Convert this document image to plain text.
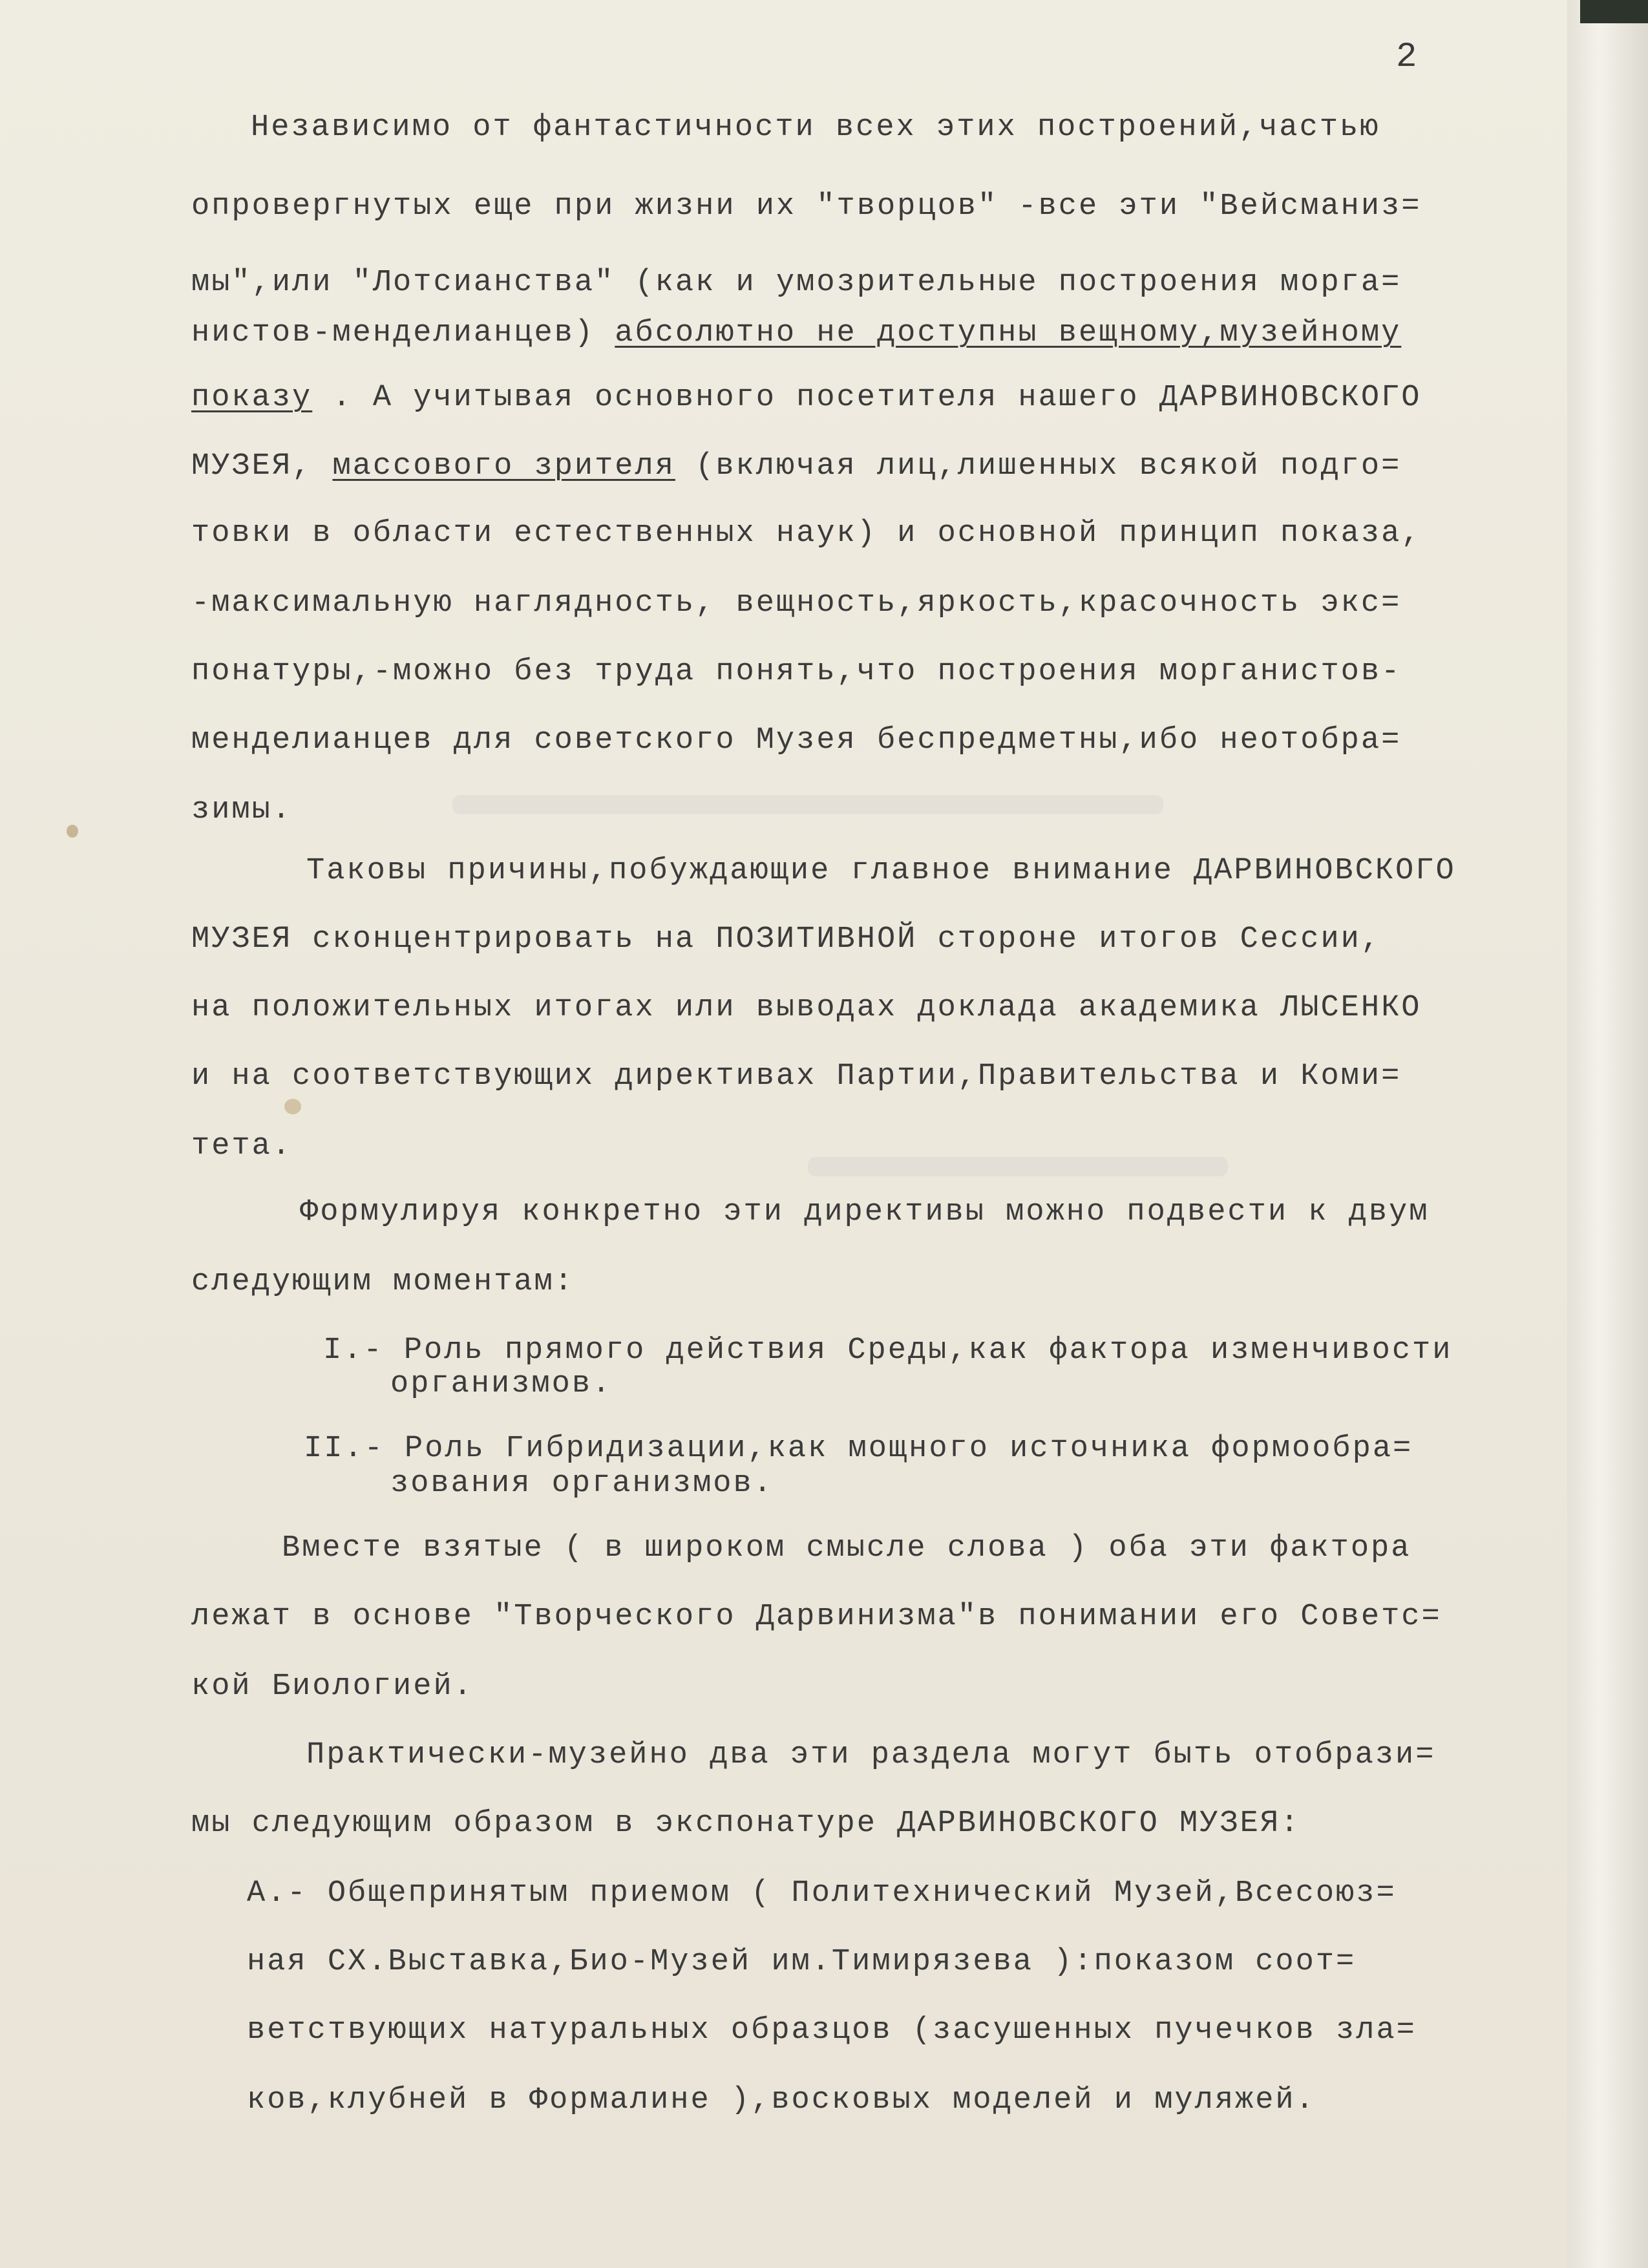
2
Независимо от фантастичности всех этих построений,частью
опровергнутых еще при жизни их "творцов" -все эти "Вейсманиз=
мы",или "Лотсианства" (как и умозрительные построения морга=
нистов-менделианцев) абсолютно не доступны вещному,музейному
показу . А учитывая основного посетителя нашего ДАРВИНОВСКОГО
МУЗЕЯ, массового зрителя (включая лиц,лишенных всякой подго=
товки в области естественных наук) и основной принцип показа,
-максимальную наглядность, вещность,яркость,красочность экс=
понатуры,-можно без труда понять,что построения морганистов-
менделианцев для советского Музея беспредметны,ибо неотобра=
зимы.
Таковы причины,побуждающие главное внимание ДАРВИНОВСКОГО
МУЗЕЯ сконцентрировать на ПОЗИТИВНОЙ стороне итогов Сессии,
на положительных итогах или выводах доклада академика ЛЫСЕНКО
и на соответствующих директивах Партии,Правительства и Коми=
тета.
Формулируя конкретно эти директивы можно подвести к двум
следующим моментам:
I.- Роль прямого действия Среды,как фактора изменчивости
организмов.
II.- Роль Гибридизации,как мощного источника формообра=
зования организмов.
Вместе взятые ( в широком смысле слова ) оба эти фактора
лежат в основе "Творческого Дарвинизма"в понимании его Советс=
кой Биологией.
Практически-музейно два эти раздела могут быть отобрази=
мы следующим образом в экспонатуре ДАРВИНОВСКОГО МУЗЕЯ:
А.- Общепринятым приемом ( Политехнический Музей,Всесоюз=
ная СХ.Выставка,Био-Музей им.Тимирязева ):показом соот=
ветствующих натуральных образцов (засушенных пучечков зла=
ков,клубней в Формалине ),восковых моделей и муляжей.
